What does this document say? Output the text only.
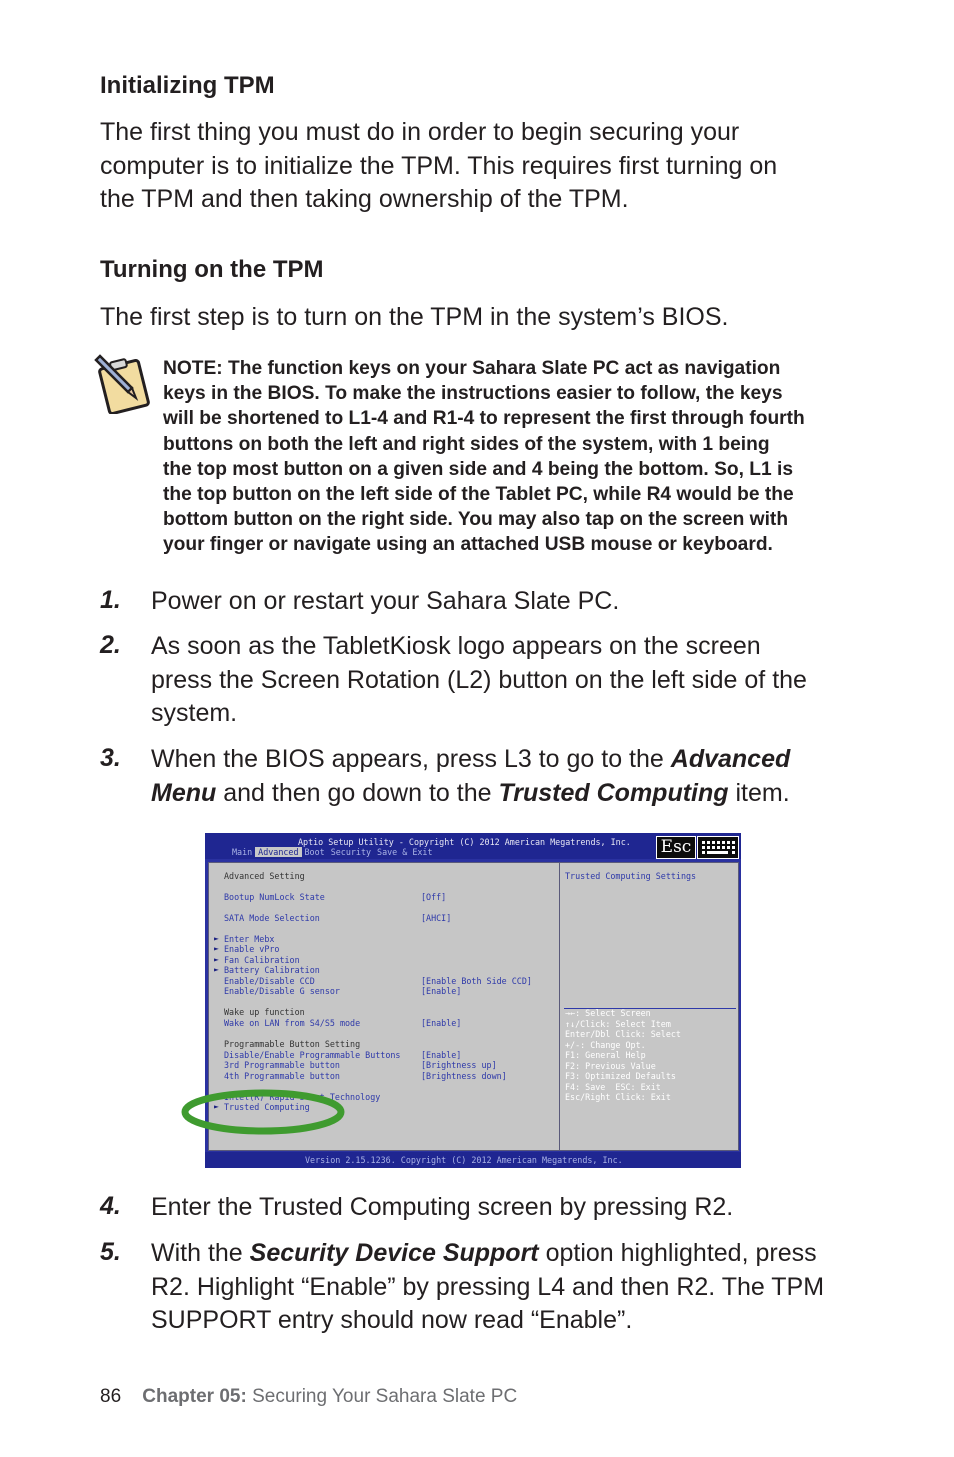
Initializing TPM
The first thing you must do in order to begin securing your
computer is to initialize the TPM. This requires first turning on
the TPM and then taking ownership of the TPM.
Turning on the TPM
The first step is to turn on the TPM in the system’s BIOS.
NOTE: The function keys on your Sahara Slate PC act as navigation
keys in the BIOS. To make the instructions easier to follow, the keys
will be shortened to L1-4 and R1-4 to represent the first through fourth
buttons on both the left and right sides of the system, with 1 being
the top most button on a given side and 4 being the bottom. So, L1 is
the top button on the left side of the Tablet PC, while R4 would be the
bottom button on the right side. You may also tap on the screen with
your finger or navigate using an attached USB mouse or keyboard.
1. Power on or restart your Sahara Slate PC.
2. As soon as the TabletKiosk logo appears on the screen
press the Screen Rotation (L2) button on the left side of the
system.
3. When the BIOS appears, press L3 to go to the Advanced
Menu and then go down to the Trusted Computing item.
Aptio Setup Utility - Copyright (C) 2012 American Megatrends, Inc.
Main Advanced Boot Security Save & Exit	Esc
Advanced Setting
Bootup NumLock State	[Off]
SATA Mode Selection	[AHCI]
► Enter Mebx
► Enable vPro
► Fan Calibration
► Battery Calibration
Enable/Disable CCD	[Enable Both Side CCD]
Enable/Disable G sensor	[Enable]
Wake up function
Wake on LAN from S4/S5 mode	[Enable]
Programmable Button Setting
Disable/Enable Programmable Buttons [Enable]
3rd Programmable button	[Brightness up]
4th Programmable button	[Brightness down]
► Intel(R) Rapid Start Technology
► Trusted Computing
Trusted Computing Settings
→←: Select Screen
↑↓/Click: Select Item
Enter/Dbl Click: Select
+/-: Change Opt.
F1: General Help
F2: Previous Value
F3: Optimized Defaults
F4: Save  ESC: Exit
Esc/Right Click: Exit
Version 2.15.1236. Copyright (C) 2012 American Megatrends, Inc.
4. Enter the Trusted Computing screen by pressing R2.
5. With the Security Device Support option highlighted, press
R2. Highlight “Enable” by pressing L4 and then R2. The TPM
SUPPORT entry should now read “Enable”.
86 Chapter 05: Securing Your Sahara Slate PC
